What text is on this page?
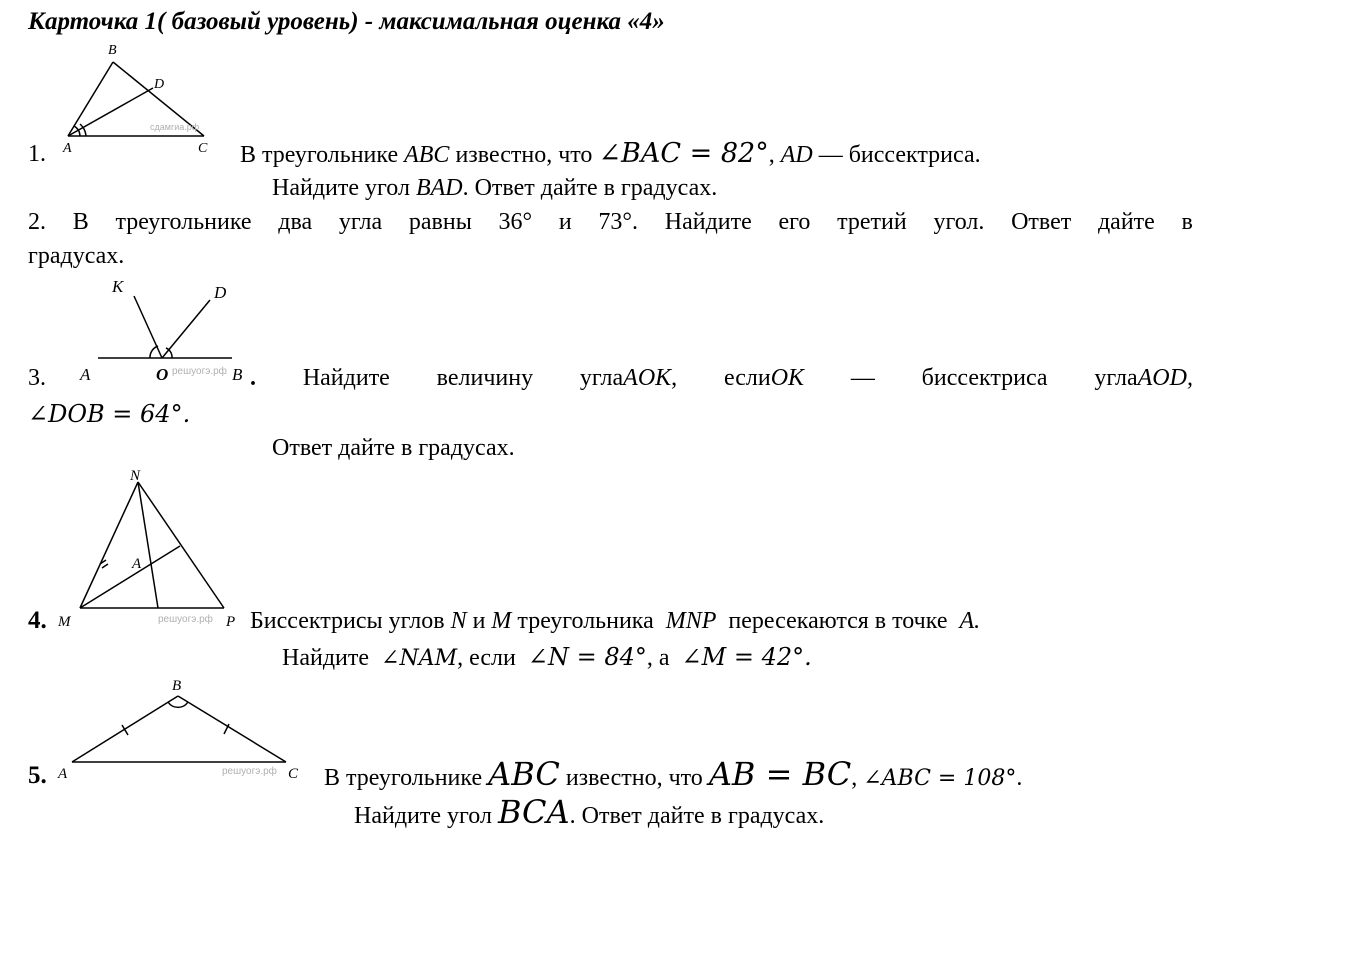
Карточка 1( базовый уровень) - максимальная оценка «4»
B
D
A	C
сдамгиа.рф
1.	В треугольнике ABC известно, что ∠BAC = 82°, AD — биссектриса.
Найдите угол BAD. Ответ дайте в градусах.
2. В треугольнике два угла равны 36° и 73°. Найдите его третий угол. Ответ дайте в
градусах.
K	D
A	O	B
решуогэ.рф
3.	. Найдите величину углаAOK, еслиOK — биссектриса углаAOD,
∠DOB = 64°.
Ответ дайте в градусах.
N
A
M	P
решуогэ.рф
4.	Биссектрисы углов N и M треугольника MNP пересекаются в точке A.
Найдите ∠NAM, если ∠N = 84°, а ∠M = 42°.
B
A	C
решуогэ.рф
5.	В треугольнике ABC известно, что AB = BC, ∠ABC = 108°.
Найдите угол BCA. Ответ дайте в градусах.
